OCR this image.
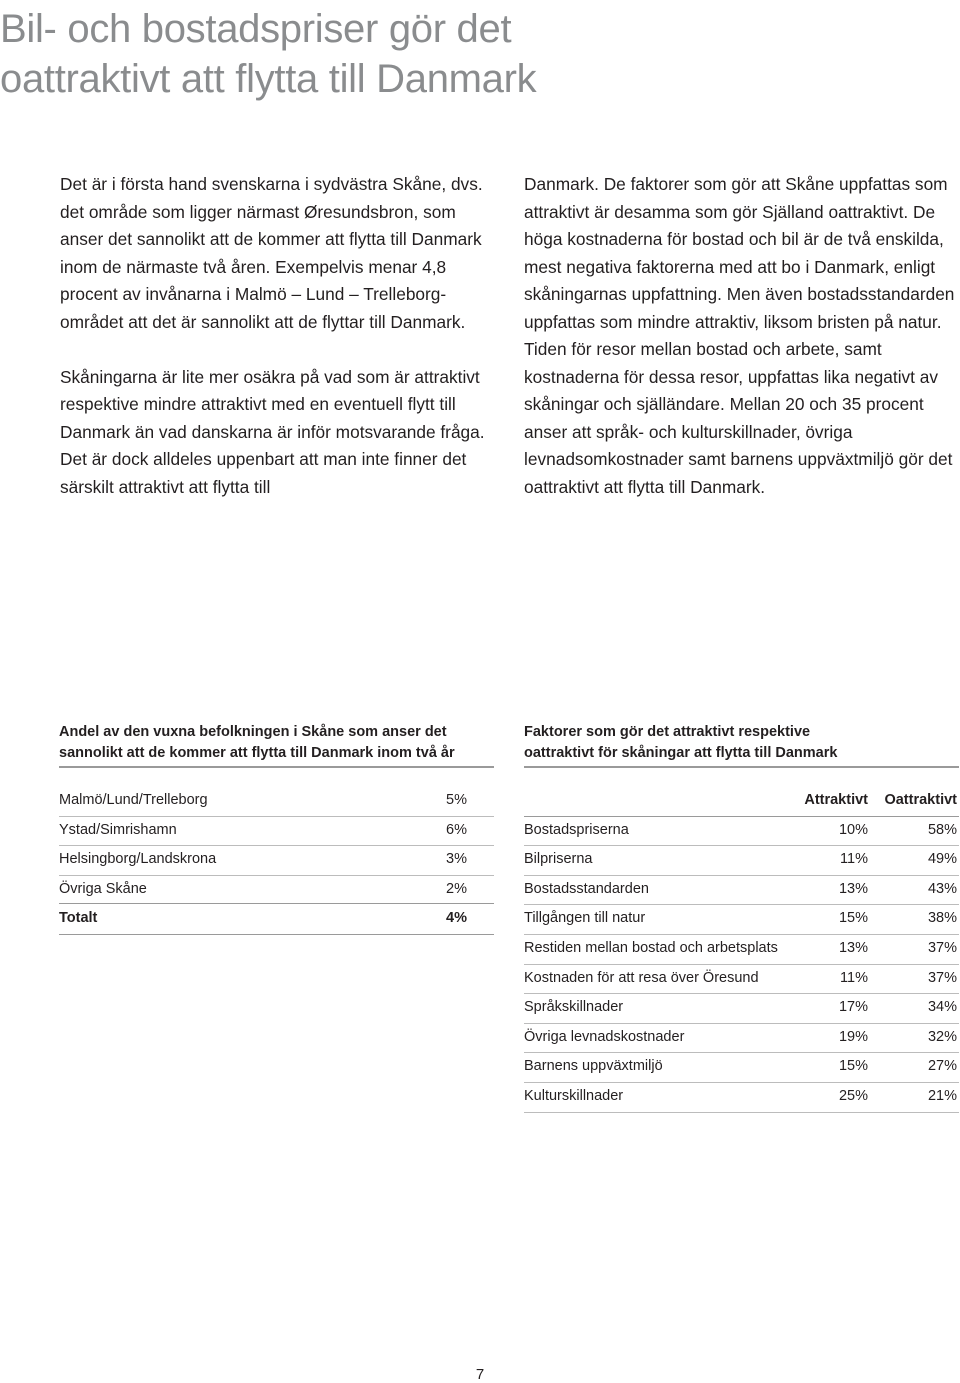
Bil- och bostadspriser gör det
oattraktivt att flytta till Danmark

Det är i första hand svenskarna i sydvästra Skåne, dvs. det område som ligger närmast Øresundsbron, som anser det sannolikt att de kommer att flytta till Danmark inom de närmaste två åren. Exempelvis menar 4,8 procent av invånarna i Malmö – Lund – Trelleborg-området att det är sannolikt att de flyttar till Danmark.

Skåningarna är lite mer osäkra på vad som är attraktivt respektive mindre attraktivt med en eventuell flytt till Danmark än vad danskarna är inför motsvarande fråga. Det är dock alldeles uppenbart att man inte finner det särskilt attraktivt att flytta till

Danmark. De faktorer som gör att Skåne uppfattas som attraktivt är desamma som gör Själland oattraktivt. De höga kostnaderna för bostad och bil är de två enskilda, mest negativa faktorerna med att bo i Danmark, enligt skåningarnas uppfattning. Men även bostadsstandarden uppfattas som mindre attraktiv, liksom bristen på natur. Tiden för resor mellan bostad och arbete, samt kostnaderna för dessa resor, uppfattas lika negativt av skåningar och själländare. Mellan 20 och 35 procent anser att språk- och kulturskillnader, övriga levnadsomkostnader samt barnens uppväxtmiljö gör det oattraktivt att flytta till Danmark.

Andel av den vuxna befolkningen i Skåne som anser det
sannolikt att de kommer att flytta till Danmark inom två år
Malmö/Lund/Trelleborg	5%
Ystad/Simrishamn	6%
Helsingborg/Landskrona	3%
Övriga Skåne	2%
Totalt	4%
Faktorer som gör det attraktivt respektive
oattraktivt för skåningar att flytta till Danmark
Attraktivt Oattraktivt
Bostadspriserna	10%	58%
Bilpriserna	11%	49%
Bostadsstandarden	13%	43%
Tillgången till natur	15%	38%
Restiden mellan bostad och arbetsplats	13%	37%
Kostnaden för att resa över Öresund	11%	37%
Språkskillnader	17%	34%
Övriga levnadskostnader	19%	32%
Barnens uppväxtmiljö	15%	27%
Kulturskillnader	25%	21%
7
